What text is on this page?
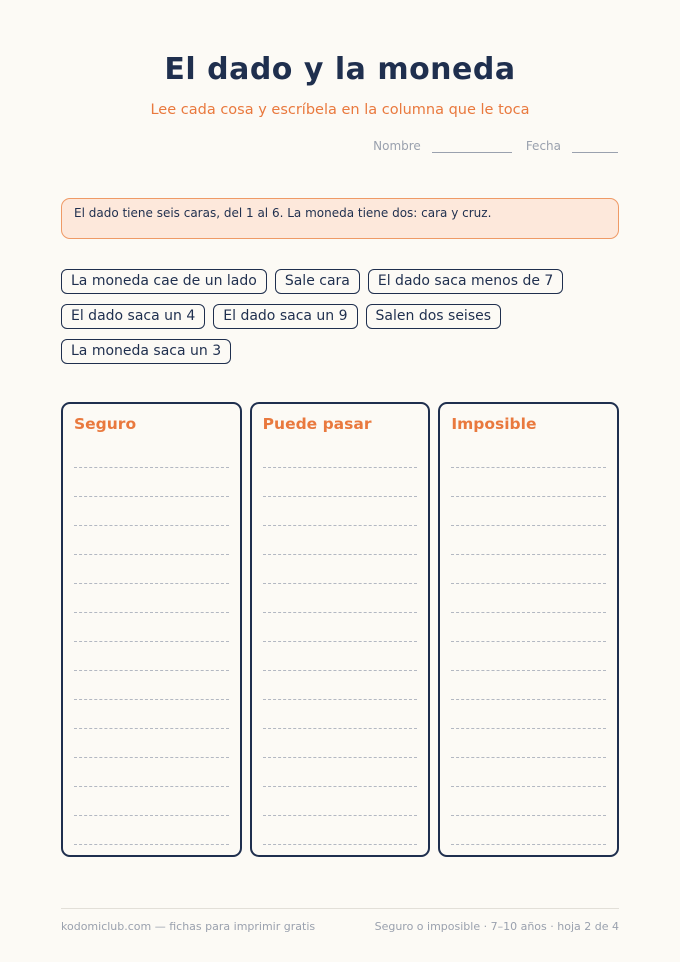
El dado y la moneda

Lee cada cosa y escríbela en la columna que le toca

Nombre	Fecha
El dado tiene seis caras, del 1 al 6. La moneda tiene dos: cara y cruz.
La moneda cae de un lado	Sale cara	El dado saca menos de 7
El dado saca un 4	El dado saca un 9	Salen dos seises
La moneda saca un 3
Seguro	Puede pasar	Imposible
kodomiclub.com — fichas para imprimir gratis	Seguro o imposible · 7–10 años · hoja 2 de 4
